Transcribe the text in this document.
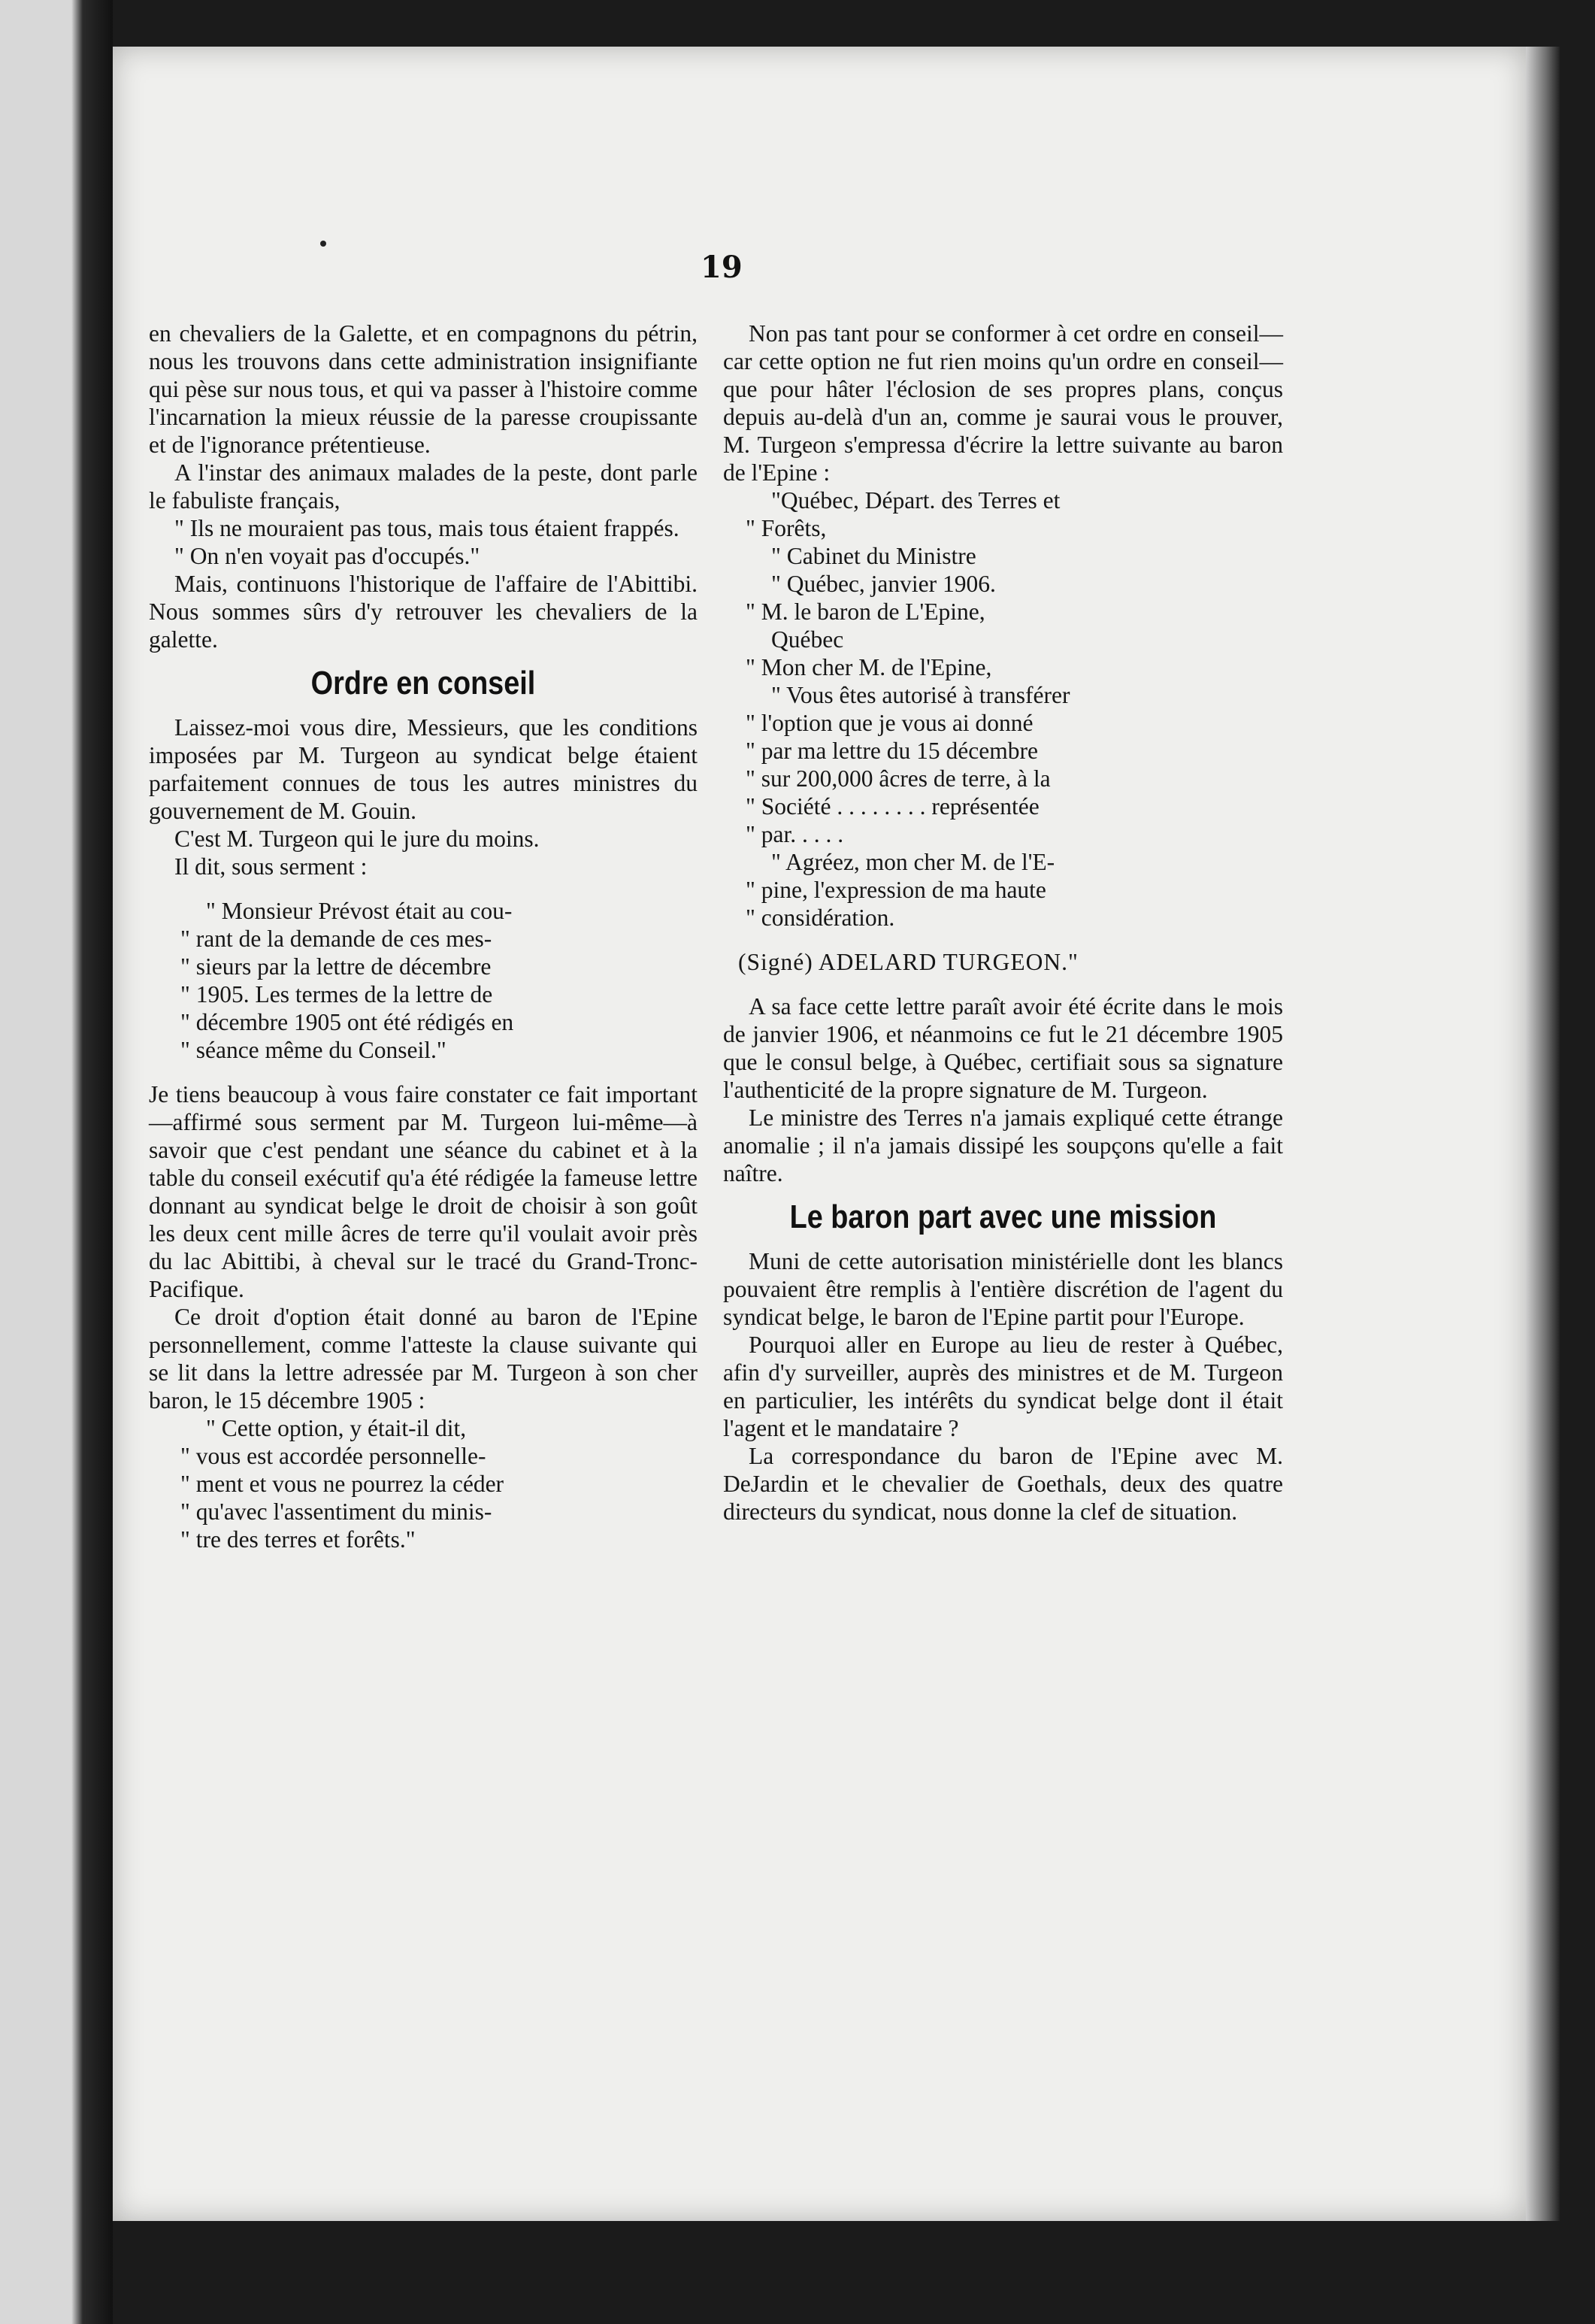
19

en chevaliers de la Galette, et en compagnons du pétrin, nous les trouvons dans cette administration insignifiante qui pèse sur nous tous, et qui va passer à l'histoire comme l'incarnation la mieux réussie de la paresse croupissante et de l'ignorance prétentieuse.

A l'instar des animaux malades de la peste, dont parle le fabuliste français,

" Ils ne mouraient pas tous, mais tous étaient frappés.

" On n'en voyait pas d'occupés."

Mais, continuons l'historique de l'affaire de l'Abittibi. Nous sommes sûrs d'y retrouver les chevaliers de la galette.

Ordre en conseil

Laissez-moi vous dire, Messieurs, que les conditions imposées par M. Turgeon au syndicat belge étaient parfaitement connues de tous les autres ministres du gouvernement de M. Gouin.

C'est M. Turgeon qui le jure du moins.

Il dit, sous serment :

" Monsieur Prévost était au cou-

" rant de la demande de ces mes-

" sieurs par la lettre de décembre

" 1905. Les termes de la lettre de

" décembre 1905 ont été rédigés en

" séance même du Conseil."

Je tiens beaucoup à vous faire constater ce fait important—affirmé sous serment par M. Turgeon lui-même—à savoir que c'est pendant une séance du cabinet et à la table du conseil exécutif qu'a été rédigée la fameuse lettre donnant au syndicat belge le droit de choisir à son goût les deux cent mille âcres de terre qu'il voulait avoir près du lac Abittibi, à cheval sur le tracé du Grand-Tronc-Pacifique.

Ce droit d'option était donné au baron de l'Epine personnellement, comme l'atteste la clause suivante qui se lit dans la lettre adressée par M. Turgeon à son cher baron, le 15 décembre 1905 :

" Cette option, y était-il dit,

" vous est accordée personnelle-

" ment et vous ne pourrez la céder

" qu'avec l'assentiment du minis-

" tre des terres et forêts."

Non pas tant pour se conformer à cet ordre en conseil—car cette option ne fut rien moins qu'un ordre en conseil—que pour hâter l'éclosion de ses propres plans, conçus depuis au-delà d'un an, comme je saurai vous le prouver, M. Turgeon s'empressa d'écrire la lettre suivante au baron de l'Epine :

"Québec, Départ. des Terres et

" Forêts,

" Cabinet du Ministre

" Québec, janvier 1906.

" M. le baron de L'Epine,

Québec

" Mon cher M. de l'Epine,

" Vous êtes autorisé à transférer

" l'option que je vous ai donné

" par ma lettre du 15 décembre

" sur 200,000 âcres de terre, à la

" Société . . . . . . . . représentée

" par. . . . .

" Agréez, mon cher M. de l'E-

" pine, l'expression de ma haute

" considération.

(Signé) ADELARD TURGEON."

A sa face cette lettre paraît avoir été écrite dans le mois de janvier 1906, et néanmoins ce fut le 21 décembre 1905 que le consul belge, à Québec, certifiait sous sa signature l'authenticité de la propre signature de M. Turgeon.

Le ministre des Terres n'a jamais expliqué cette étrange anomalie ; il n'a jamais dissipé les soupçons qu'elle a fait naître.

Le baron part avec une mission

Muni de cette autorisation ministérielle dont les blancs pouvaient être remplis à l'entière discrétion de l'agent du syndicat belge, le baron de l'Epine partit pour l'Europe.

Pourquoi aller en Europe au lieu de rester à Québec, afin d'y surveiller, auprès des ministres et de M. Turgeon en particulier, les intérêts du syndicat belge dont il était l'agent et le mandataire ?

La correspondance du baron de l'Epine avec M. DeJardin et le chevalier de Goethals, deux des quatre directeurs du syndicat, nous donne la clef de situation.
